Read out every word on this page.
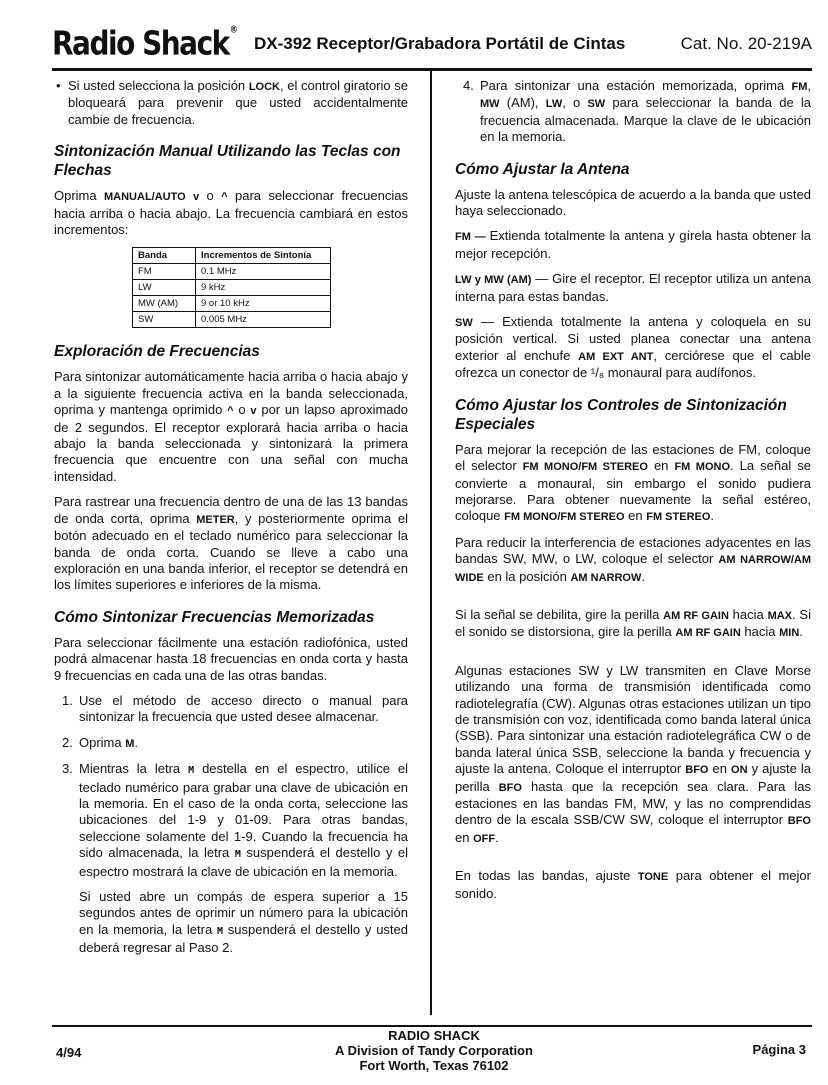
Radio Shack®
DX-392 Receptor/Grabadora Portátil de Cintas	Cat. No. 20-219A

• Si usted selecciona la posición LOCK, el control giratorio se bloqueará para prevenir que usted accidentalmente cambie de frecuencia.

Sintonización Manual Utilizando las Teclas con Flechas

Oprima MANUAL/AUTO v o ^ para seleccionar frecuencias hacia arriba o hacia abajo. La frecuencia cambiará en estos incrementos:

Banda	Incrementos de Sintonía
FM	0.1 MHz
LW	9 kHz
MW (AM)	9 or 10 kHz
SW	0.005 MHz
Exploración de Frecuencias

Para sintonizar automáticamente hacia arriba o hacia abajo y a la siguiente frecuencia activa en la banda seleccionada, oprima y mantenga oprimido ^ o v por un lapso aproximado de 2 segundos. El receptor explorará hacia arriba o hacia abajo la banda seleccionada y sintonizará la primera frecuencia que encuentre con una señal con mucha intensidad.

Para rastrear una frecuencia dentro de una de las 13 bandas de onda corta, oprima METER, y posteriormente oprima el botón adecuado en el teclado numérico para seleccionar la banda de onda corta. Cuando se lleve a cabo una exploración en una banda inferior, el receptor se detendrá en los límites superiores e inferiores de la misma.

Cómo Sintonizar Frecuencias Memorizadas

Para seleccionar fácilmente una estación radiofónica, usted podrá almacenar hasta 18 frecuencias en onda corta y hasta 9 frecuencias en cada una de las otras bandas.

1. Use el método de acceso directo o manual para sintonizar la frecuencia que usted desee almacenar.
2. Oprima M.
3. Mientras la letra M destella en el espectro, utilice el teclado numérico para grabar una clave de ubicación en la memoria. En el caso de la onda corta, seleccione las ubicaciones del 1-9 y 01-09. Para otras bandas, seleccione solamente del 1-9. Cuando la frecuencia ha sido almacenada, la letra M suspenderá el destello y el espectro mostrará la clave de ubicación en la memoria.

Si usted abre un compás de espera superior a 15 segundos antes de oprimir un número para la ubicación en la memoria, la letra M suspenderá el destello y usted deberá regresar al Paso 2.

4. Para sintonizar una estación memorizada, oprima FM, MW (AM), LW, o SW para seleccionar la banda de la frecuencia almacenada. Marque la clave de le ubicación en la memoria.
Cómo Ajustar la Antena

Ajuste la antena telescópica de acuerdo a la banda que usted haya seleccionado.

FM — Extienda totalmente la antena y gírela hasta obtener la mejor recepción.

LW y MW (AM) — Gire el receptor. El receptor utiliza un antena interna para estas bandas.

SW — Extienda totalmente la antena y coloquela en su posición vertical. Si usted planea conectar una antena exterior al enchufe AM EXT ANT, cerciórese que el cable ofrezca un conector de ¹/₈ monaural para audífonos.

Cómo Ajustar los Controles de Sintonización Especiales

Para mejorar la recepción de las estaciones de FM, coloque el selector FM MONO/FM STEREO en FM MONO. La señal se convierte a monaural, sin embargo el sonido pudiera mejorarse. Para obtener nuevamente la señal estéreo, coloque FM MONO/FM STEREO en FM STEREO.

Para reducir la interferencia de estaciones adyacentes en las bandas SW, MW, o LW, coloque el selector AM NARROW/AM WIDE en la posición AM NARROW.

Si la señal se debilita, gire la perilla AM RF GAIN hacia MAX. Si el sonido se distorsiona, gire la perilla AM RF GAIN hacia MIN.

Algunas estaciones SW y LW transmiten en Clave Morse utilizando una forma de transmisión identificada como radiotelegrafía (CW). Algunas otras estaciones utilizan un tipo de transmisión con voz, identificada como banda lateral única (SSB). Para sintonizar una estación radiotelegráfica CW o de banda lateral única SSB, seleccione la banda y frecuencia y ajuste la antena. Coloque el interruptor BFO en ON y ajuste la perilla BFO hasta que la recepción sea clara. Para las estaciones en las bandas FM, MW, y las no comprendidas dentro de la escala SSB/CW SW, coloque el interruptor BFO en OFF.

En todas las bandas, ajuste TONE para obtener el mejor sonido.

4/94
RADIO SHACK
A Division of Tandy Corporation
Fort Worth, Texas 76102
Página 3
